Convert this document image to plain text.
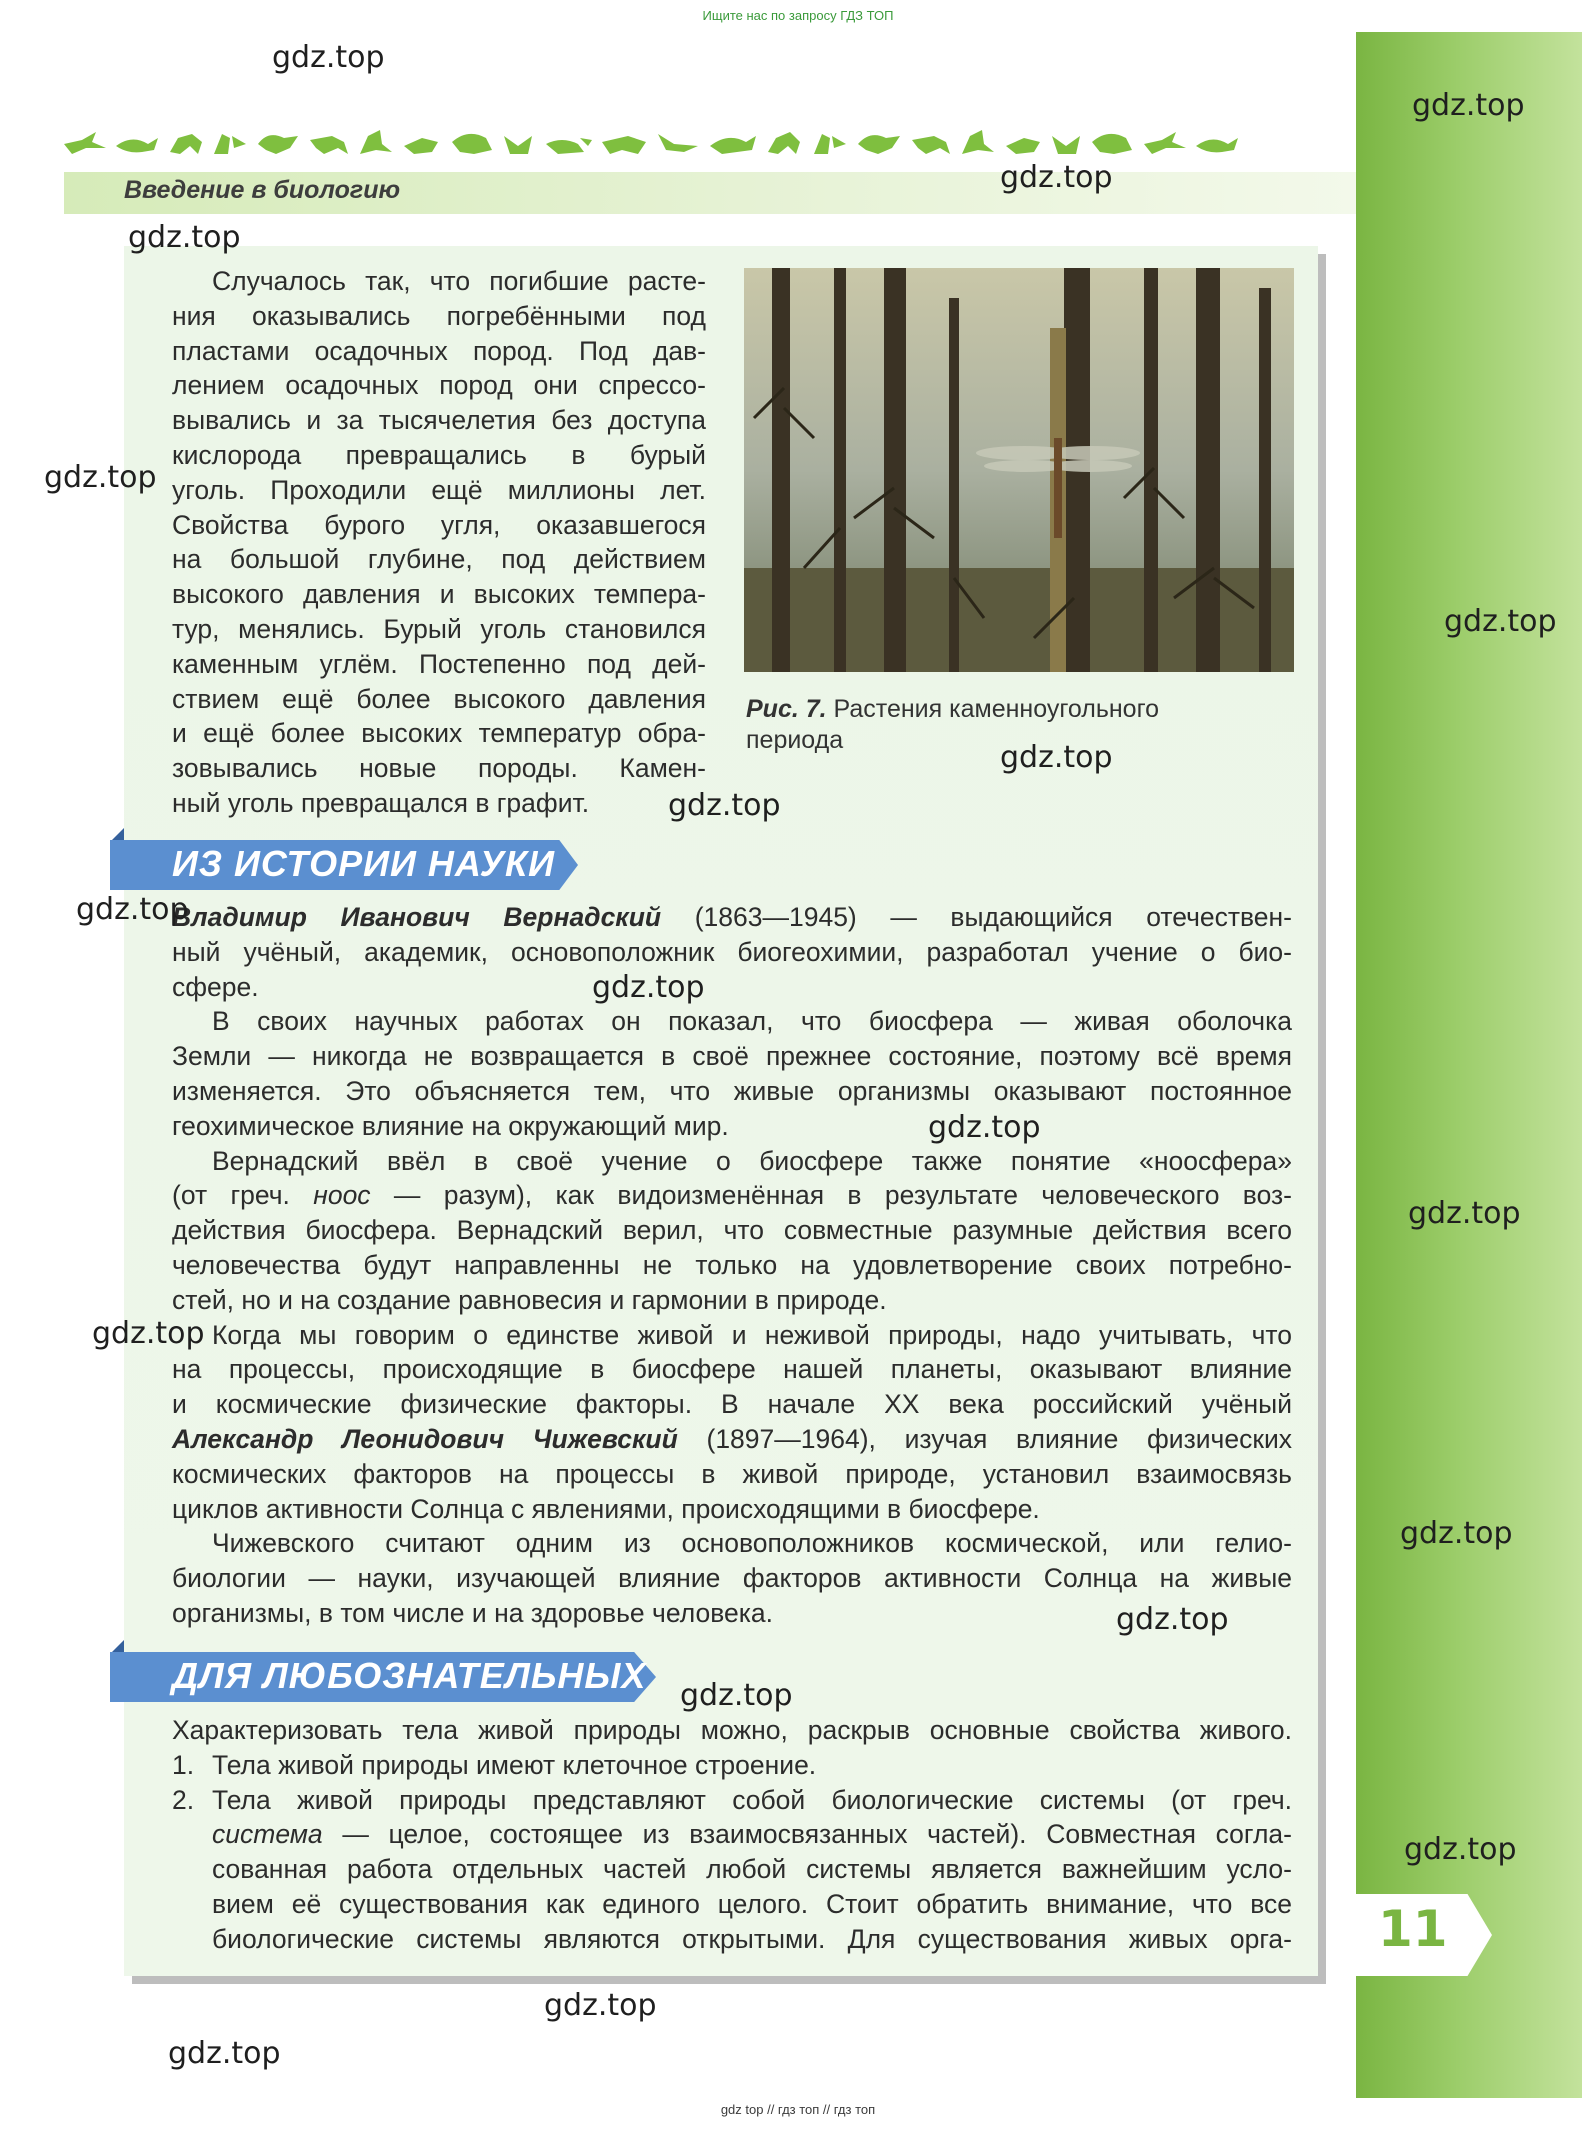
Ищите нас по запросу ГДЗ ТОП
11
Введение в биологию
Случалось так, что погибшие расте-
ния оказывались погребёнными под
пластами осадочных пород. Под дав-
лением осадочных пород они спрессо-
вывались и за тысячелетия без доступа
кислорода превращались в бурый
уголь. Проходили ещё миллионы лет.
Свойства бурого угля, оказавшегося
на большой глубине, под действием
высокого давления и высоких темпера-
тур, менялись. Бурый уголь становился
каменным углём. Постепенно под дей-
ствием ещё более высокого давления
и ещё более высоких температур обра-
зовывались новые породы. Камен-
ный уголь превращался в графит.
Рис. 7. Растения каменноугольного
периода
ИЗ ИСТОРИИ НАУКИ
Владимир Иванович Вернадский (1863—1945) — выдающийся отечествен-
ный учёный, академик, основоположник биогеохимии, разработал учение о био-
сфере.
В своих научных работах он показал, что биосфера — живая оболочка
Земли — никогда не возвращается в своё прежнее состояние, поэтому всё время
изменяется. Это объясняется тем, что живые организмы оказывают постоянное
геохимическое влияние на окружающий мир.
Вернадский ввёл в своё учение о биосфере также понятие «ноосфера»
(от греч. ноос — разум), как видоизменённая в результате человеческого воз-
действия биосфера. Вернадский верил, что совместные разумные действия всего
человечества будут направленны не только на удовлетворение своих потребно-
стей, но и на создание равновесия и гармонии в природе.
Когда мы говорим о единстве живой и неживой природы, надо учитывать, что
на процессы, происходящие в биосфере нашей планеты, оказывают влияние
и космические физические факторы. В начале XX века российский учёный
Александр Леонидович Чижевский (1897—1964), изучая влияние физических
космических факторов на процессы в живой природе, установил взаимосвязь
циклов активности Солнца с явлениями, происходящими в биосфере.
Чижевского считают одним из основоположников космической, или гелио-
биологии — науки, изучающей влияние факторов активности Солнца на живые
организмы, в том числе и на здоровье человека.
ДЛЯ ЛЮБОЗНАТЕЛЬНЫХ
Характеризовать тела живой природы можно, раскрыв основные свойства живого.
1. Тела живой природы имеют клеточное строение.
2. Тела живой природы представляют собой биологические системы (от греч.
система — целое, состоящее из взаимосвязанных частей). Совместная согла-
сованная работа отдельных частей любой системы является важнейшим усло-
вием её существования как единого целого. Стоит обратить внимание, что все
биологические системы являются открытыми. Для существования живых орга-
gdz.top
gdz.top
gdz.top
gdz.top
gdz.top
gdz.top
gdz.top
gdz.top
gdz.top
gdz.top
gdz.top
gdz.top
gdz.top
gdz.top
gdz.top
gdz.top
gdz.top
gdz.top
gdz.top
gdz top // гдз топ // гдз топ
